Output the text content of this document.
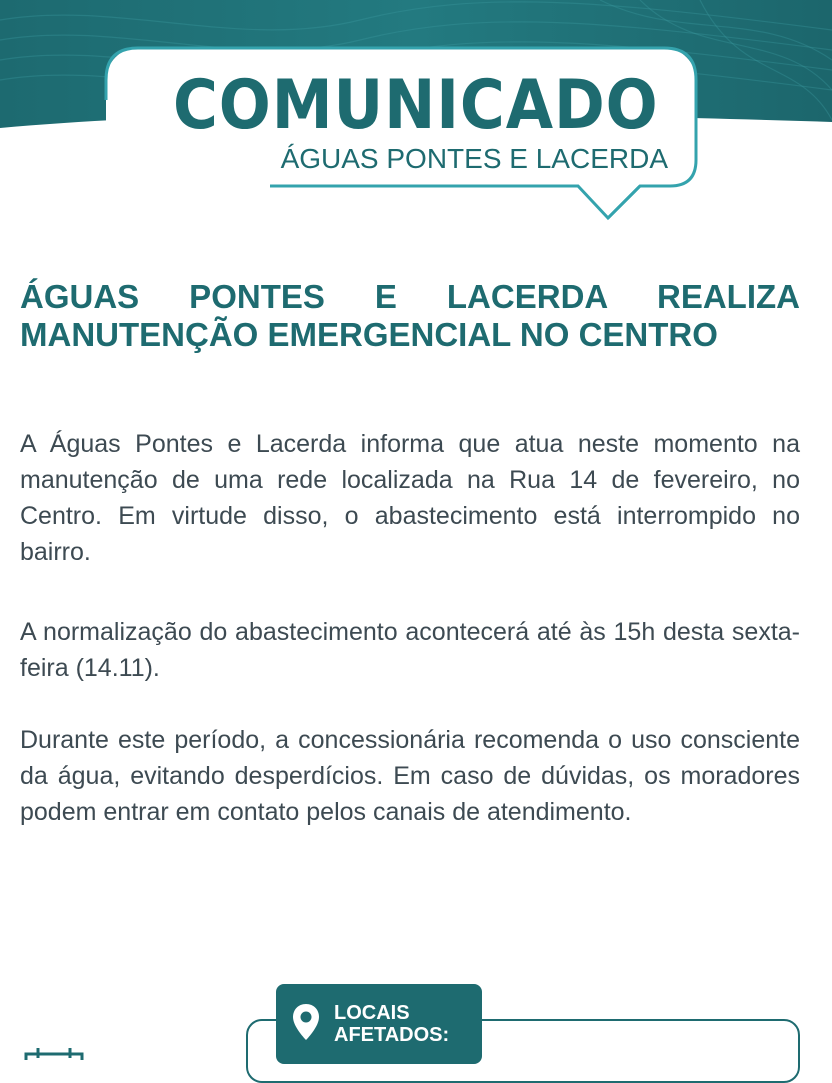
COMUNICADO

ÁGUAS PONTES E LACERDA

ÁGUAS PONTES E LACERDA REALIZA
MANUTENÇÃO EMERGENCIAL NO CENTRO

A Águas Pontes e Lacerda informa que atua neste momento na manutenção de uma rede localizada na Rua 14 de fevereiro, no Centro. Em virtude disso, o abastecimento está interrompido no bairro.

A normalização do abastecimento acontecerá até às 15h desta sexta-feira (14.11).

Durante este período, a concessionária recomenda o uso consciente da água, evitando desperdícios. Em caso de dúvidas, os moradores podem entrar em contato pelos canais de atendimento.

LOCAIS
AFETADOS:
